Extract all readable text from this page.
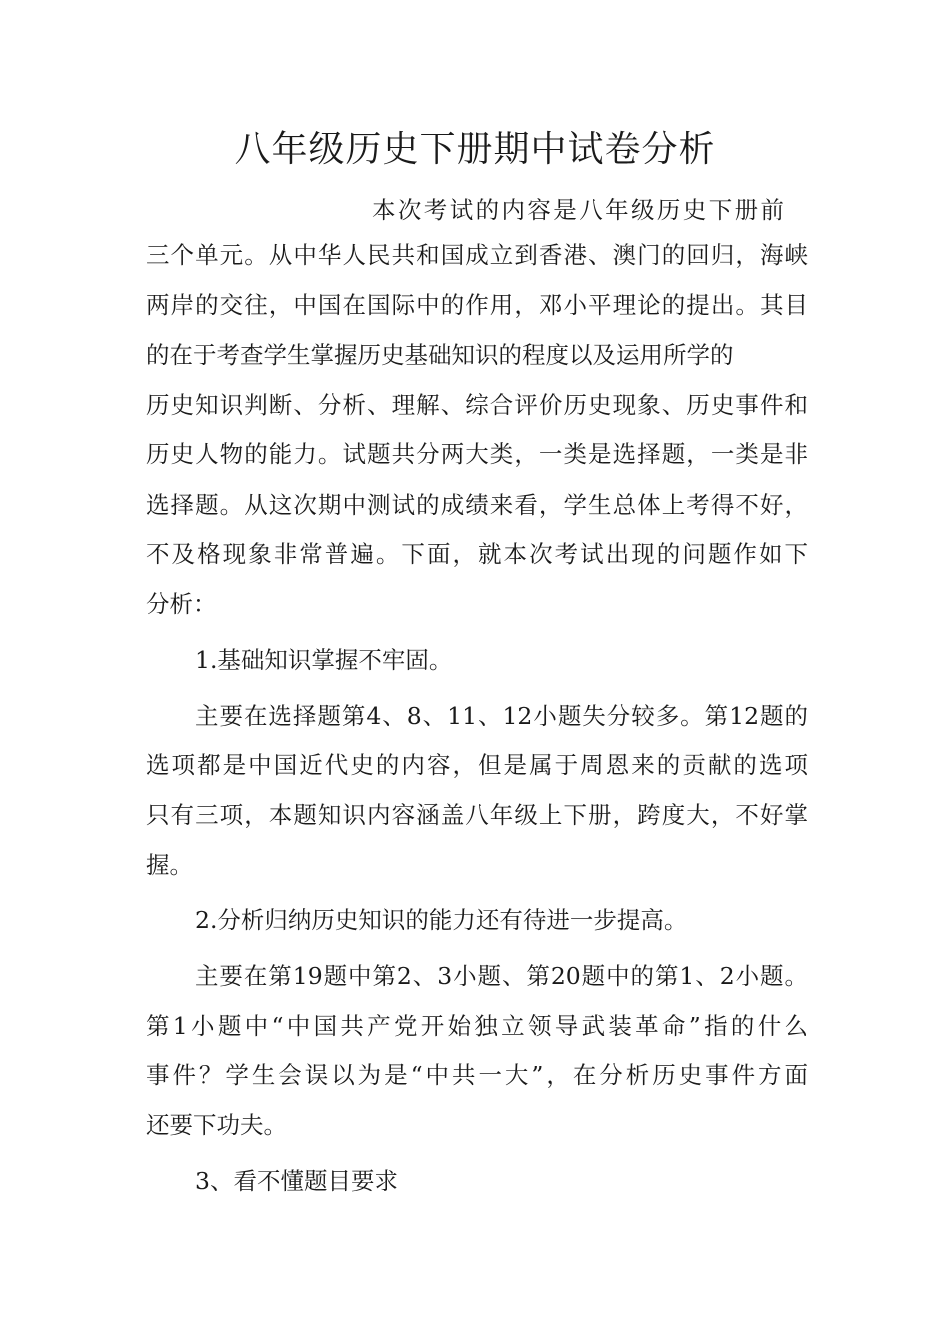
八年级历史下册期中试卷分析

本次考试的内容是八年级历史下册前

三个单元。从中华人民共和国成立到香港、澳门的回归，海峡

两岸的交往，中国在国际中的作用，邓小平理论的提出。其目

的在于考查学生掌握历史基础知识的程度以及运用所学的

历史知识判断、分析、理解、综合评价历史现象、历史事件和

历史人物的能力。试题共分两大类，一类是选择题，一类是非

选择题。从这次期中测试的成绩来看，学生总体上考得不好，

不及格现象非常普遍。下面，就本次考试出现的问题作如下

分析：

1.基础知识掌握不牢固。

主要在选择题第4、8、11、12小题失分较多。第12题的

选项都是中国近代史的内容，但是属于周恩来的贡献的选项

只有三项，本题知识内容涵盖八年级上下册，跨度大，不好掌

握。

2.分析归纳历史知识的能力还有待进一步提高。

主要在第19题中第2、3小题、第20题中的第1、2小题。

第1小题中“中国共产党开始独立领导武装革命”指的什么

事件？学生会误以为是“中共一大”，在分析历史事件方面

还要下功夫。

3、看不懂题目要求
